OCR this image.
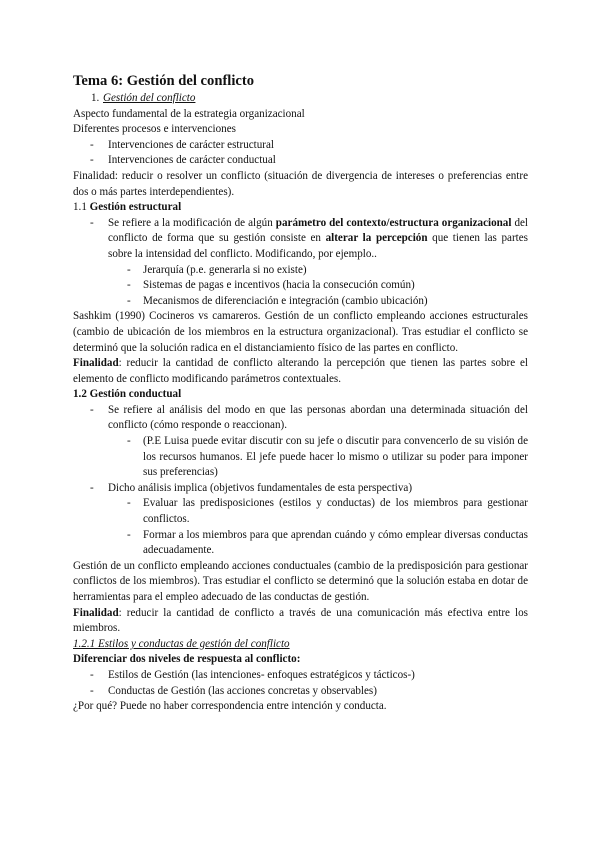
Tema 6: Gestión del conflicto

1. Gestión del conflicto

Aspecto fundamental de la estrategia organizacional

Diferentes procesos e intervenciones

- Intervenciones de carácter estructural

- Intervenciones de carácter conductual

Finalidad: reducir o resolver un conflicto (situación de divergencia de intereses o preferencias entre dos o más partes interdependientes).

1.1 Gestión estructural

- Se refiere a la modificación de algún parámetro del contexto/estructura organizacional del conflicto de forma que su gestión consiste en alterar la percepción que tienen las partes sobre la intensidad del conflicto. Modificando, por ejemplo..

- Jerarquía (p.e. generarla si no existe)

- Sistemas de pagas e incentivos (hacia la consecución común)

- Mecanismos de diferenciación e integración (cambio ubicación)

Sashkim (1990) Cocineros vs camareros. Gestión de un conflicto empleando acciones estructurales (cambio de ubicación de los miembros en la estructura organizacional). Tras estudiar el conflicto se determinó que la solución radica en el distanciamiento físico de las partes en conflicto.

Finalidad: reducir la cantidad de conflicto alterando la percepción que tienen las partes sobre el elemento de conflicto modificando parámetros contextuales.

1.2 Gestión conductual

- Se refiere al análisis del modo en que las personas abordan una determinada situación del conflicto (cómo responde o reaccionan).

- (P.E Luisa puede evitar discutir con su jefe o discutir para convencerlo de su visión de los recursos humanos. El jefe puede hacer lo mismo o utilizar su poder para imponer sus preferencias)

- Dicho análisis implica (objetivos fundamentales de esta perspectiva)

- Evaluar las predisposiciones (estilos y conductas) de los miembros para gestionar conflictos.

- Formar a los miembros para que aprendan cuándo y cómo emplear diversas conductas adecuadamente.

Gestión de un conflicto empleando acciones conductuales (cambio de la predisposición para gestionar conflictos de los miembros). Tras estudiar el conflicto se determinó que la solución estaba en dotar de herramientas para el empleo adecuado de las conductas de gestión.

Finalidad: reducir la cantidad de conflicto a través de una comunicación más efectiva entre los miembros.

1.2.1 Estilos y conductas de gestión del conflicto

Diferenciar dos niveles de respuesta al conflicto:

- Estilos de Gestión (las intenciones- enfoques estratégicos y tácticos-)

- Conductas de Gestión (las acciones concretas y observables)

¿Por qué? Puede no haber correspondencia entre intención y conducta.
